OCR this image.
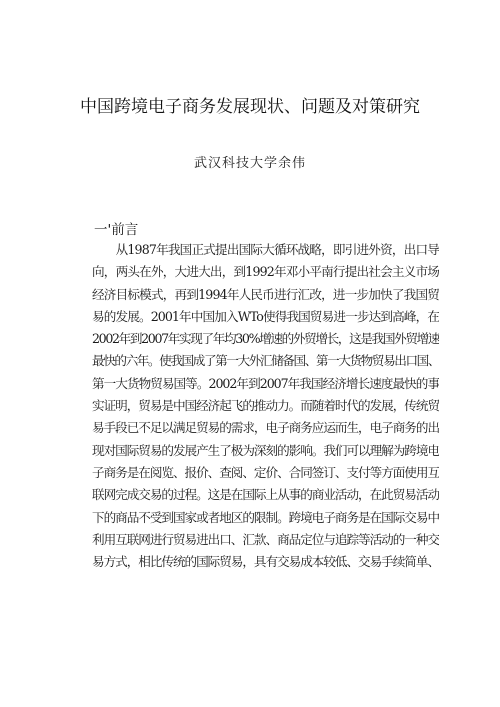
中国跨境电子商务发展现状、问题及对策研究
武汉科技大学余伟
一'前言
　　从1987年我国正式提出国际大循环战略，即引进外资，出口导
向，两头在外，大进大出，到1992年邓小平南行提出社会主义市场
经济目标模式，再到1994年人民币进行汇改，进一步加快了我国贸
易的发展。2001年中国加入WTo使得我国贸易进一步达到高峰，在
2002年到2007年实现了年均30%增速的外贸增长，这是我国外贸增速
最快的六年。使我国成了第一大外汇储备国、第一大货物贸易出口国、
第一大货物贸易国等。2002年到2007年我国经济增长速度最快的事
实证明，贸易是中国经济起飞的推动力。而随着时代的发展，传统贸
易手段已不足以满足贸易的需求，电子商务应运而生，电子商务的出
现对国际贸易的发展产生了极为深刻的影响。我们可以理解为跨境电
子商务是在阅览、报价、查阅、定价、合同签订、支付等方面使用互
联网完成交易的过程。这是在国际上从事的商业活动，在此贸易活动
下的商品不受到国家或者地区的限制。跨境电子商务是在国际交易中
利用互联网进行贸易进出口、汇款、商品定位与追踪等活动的一种交
易方式，相比传统的国际贸易，具有交易成本较低、交易手续简单、
